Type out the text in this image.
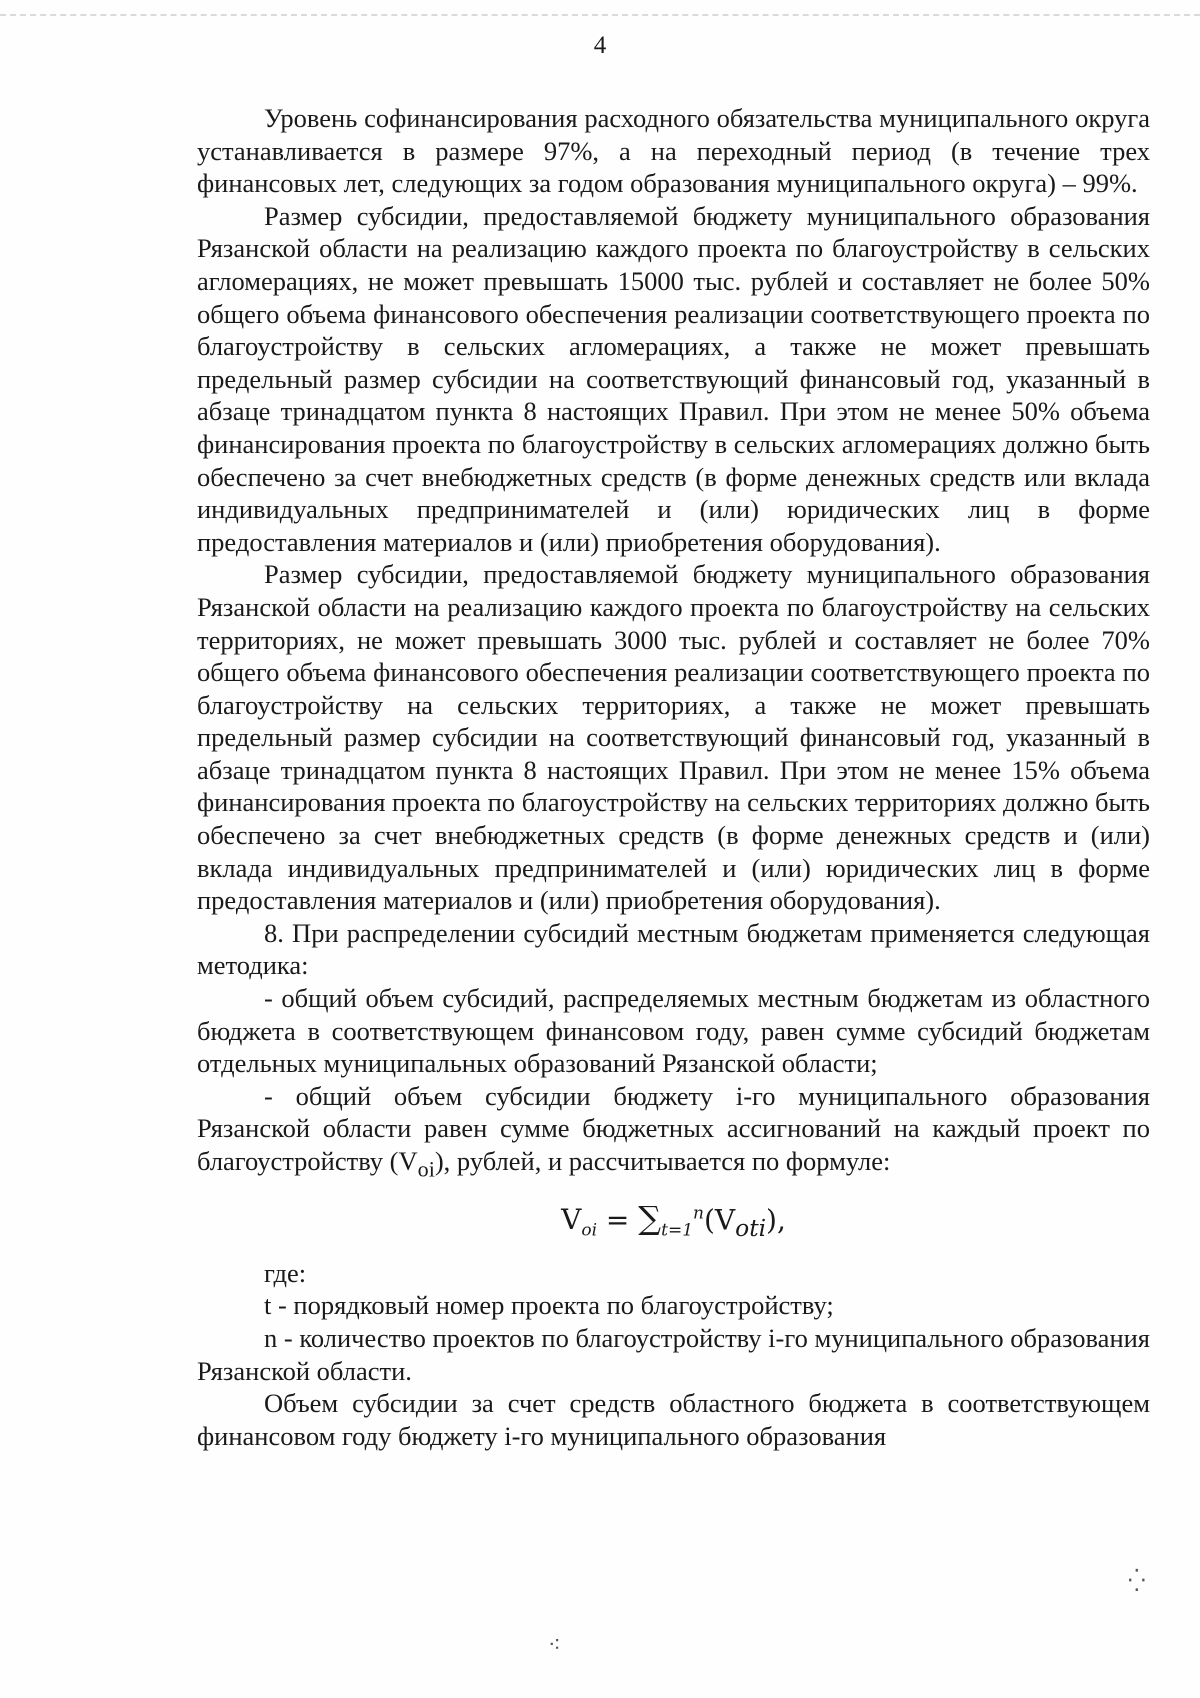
4

Уровень софинансирования расходного обязательства муниципального округа устанавливается в размере 97%, а на переходный период (в течение трех финансовых лет, следующих за годом образования муниципального округа) – 99%.

Размер субсидии, предоставляемой бюджету муниципального образования Рязанской области на реализацию каждого проекта по благоустройству в сельских агломерациях, не может превышать 15000 тыс. рублей и составляет не более 50% общего объема финансового обеспечения реализации соответствующего проекта по благоустройству в сельских агломерациях, а также не может превышать предельный размер субсидии на соответствующий финансовый год, указанный в абзаце тринадцатом пункта 8 настоящих Правил. При этом не менее 50% объема финансирования проекта по благоустройству в сельских агломерациях должно быть обеспечено за счет внебюджетных средств (в форме денежных средств или вклада индивидуальных предпринимателей и (или) юридических лиц в форме предоставления материалов и (или) приобретения оборудования).

Размер субсидии, предоставляемой бюджету муниципального образования Рязанской области на реализацию каждого проекта по благоустройству на сельских территориях, не может превышать 3000 тыс. рублей и составляет не более 70% общего объема финансового обеспечения реализации соответствующего проекта по благоустройству на сельских территориях, а также не может превышать предельный размер субсидии на соответствующий финансовый год, указанный в абзаце тринадцатом пункта 8 настоящих Правил. При этом не менее 15% объема финансирования проекта по благоустройству на сельских территориях должно быть обеспечено за счет внебюджетных средств (в форме денежных средств и (или) вклада индивидуальных предпринимателей и (или) юридических лиц в форме предоставления материалов и (или) приобретения оборудования).

8. При распределении субсидий местным бюджетам применяется следующая методика:

- общий объем субсидий, распределяемых местным бюджетам из областного бюджета в соответствующем финансовом году, равен сумме субсидий бюджетам отдельных муниципальных образований Рязанской области;

- общий объем субсидии бюджету i-го муниципального образования Рязанской области равен сумме бюджетных ассигнований на каждый проект по благоустройству $(V_{oi})$, рублей, и рассчитывается по формуле:

$V_{oi} = \sum_{t=1}^n(V_{oti})$,

где:

t - порядковый номер проекта по благоустройству;

n - количество проектов по благоустройству i-го муниципального образования Рязанской области.

Объем субсидии за счет средств областного бюджета в соответствующем финансовом году бюджету i-го муниципального образования

⁛
⁖
